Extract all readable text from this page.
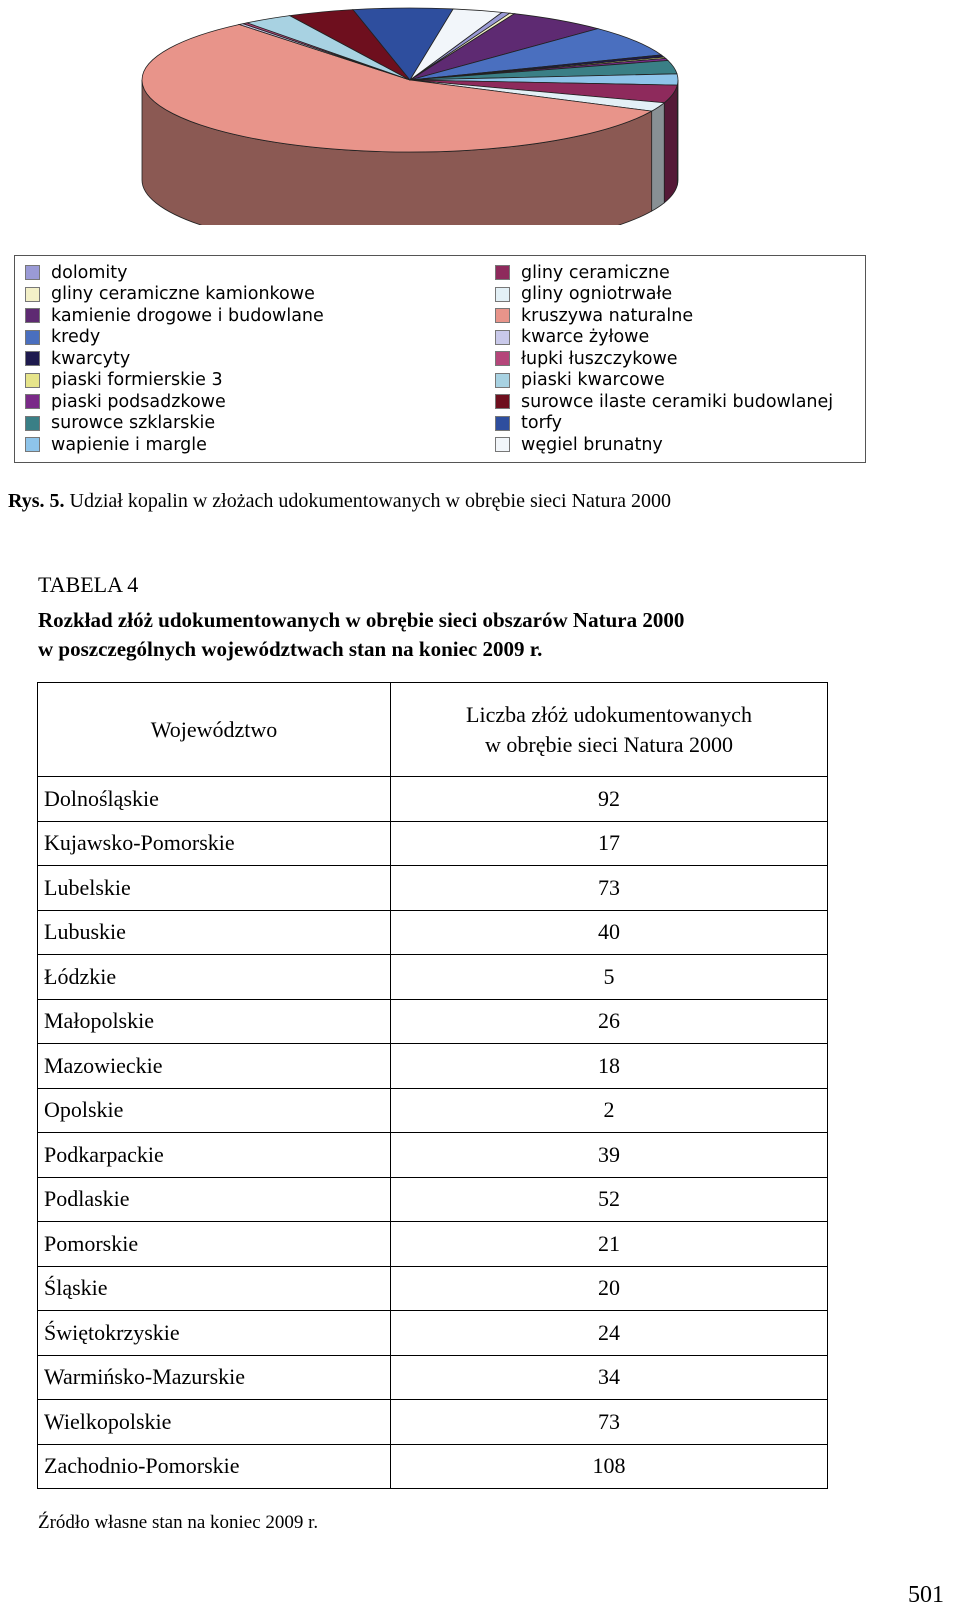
dolomity
gliny ceramiczne kamionkowe
kamienie drogowe i budowlane
kredy
kwarcyty
piaski formierskie 3
piaski podsadzkowe
surowce szklarskie
wapienie i margle
gliny ceramiczne
gliny ogniotrwałe
kruszywa naturalne
kwarce żyłowe
łupki łuszczykowe
piaski kwarcowe
surowce ilaste ceramiki budowlanej
torfy
węgiel brunatny
Rys. 5. Udział kopalin w złożach udokumentowanych w obrębie sieci Natura 2000
TABELA 4
Rozkład złóż udokumentowanych w obrębie sieci obszarów Natura 2000
w poszczególnych województwach stan na koniec 2009 r.
Województwo	Liczba złóż udokumentowanych
w obrębie sieci Natura 2000

Dolnośląskie	92
Kujawsko-Pomorskie	17
Lubelskie	73
Lubuskie	40
Łódzkie	5
Małopolskie	26
Mazowieckie	18
Opolskie	2
Podkarpackie	39
Podlaskie	52
Pomorskie	21
Śląskie	20
Świętokrzyskie	24
Warmińsko-Mazurskie	34
Wielkopolskie	73
Zachodnio-Pomorskie	108
Źródło własne stan na koniec 2009 r.
501
